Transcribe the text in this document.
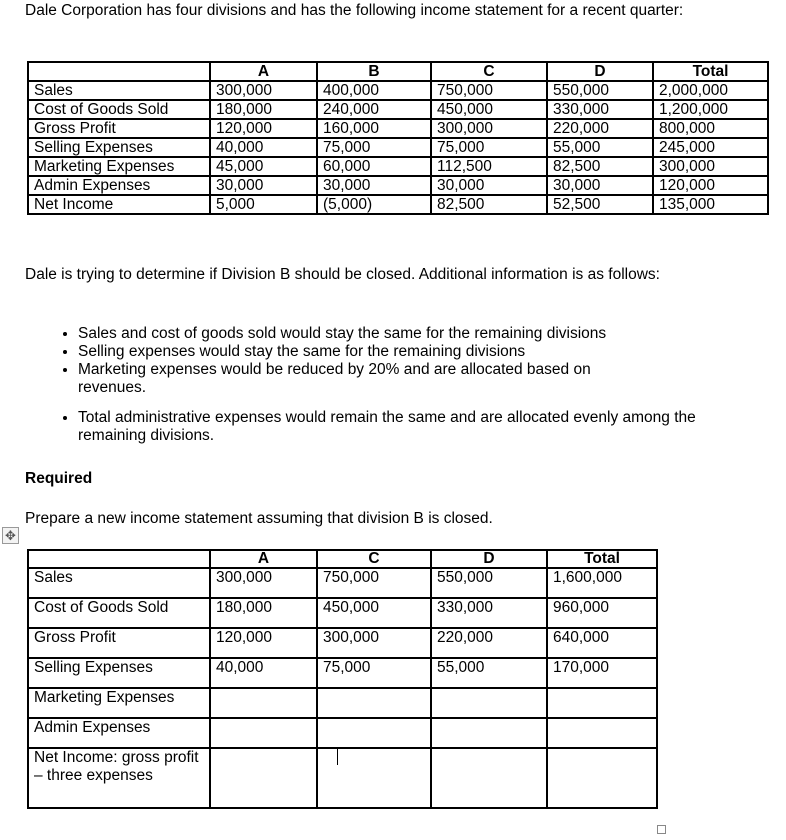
Dale Corporation has four divisions and has the following income statement for a recent quarter:

	A	B	C	D	Total
Sales	300,000	400,000	750,000	550,000	2,000,000
Cost of Goods Sold	180,000	240,000	450,000	330,000	1,200,000
Gross Profit	120,000	160,000	300,000	220,000	800,000
Selling Expenses	40,000	75,000	75,000	55,000	245,000
Marketing Expenses	45,000	60,000	112,500	82,500	300,000
Admin Expenses	30,000	30,000	30,000	30,000	120,000
Net Income	5,000	(5,000)	82,500	52,500	135,000

Dale is trying to determine if Division B should be closed. Additional information is as follows:

• Sales and cost of goods sold would stay the same for the remaining divisions
• Selling expenses would stay the same for the remaining divisions
• Marketing expenses would be reduced by 20% and are allocated based on revenues.
• Total administrative expenses would remain the same and are allocated evenly among the remaining divisions.

Required

Prepare a new income statement assuming that division B is closed.

✥
	A	C	D	Total
Sales	300,000	750,000	550,000	1,600,000
Cost of Goods Sold	180,000	450,000	330,000	960,000
Gross Profit	120,000	300,000	220,000	640,000
Selling Expenses	40,000	75,000	55,000	170,000
Marketing Expenses				
Admin Expenses				
Net Income: gross profit – three expenses				
